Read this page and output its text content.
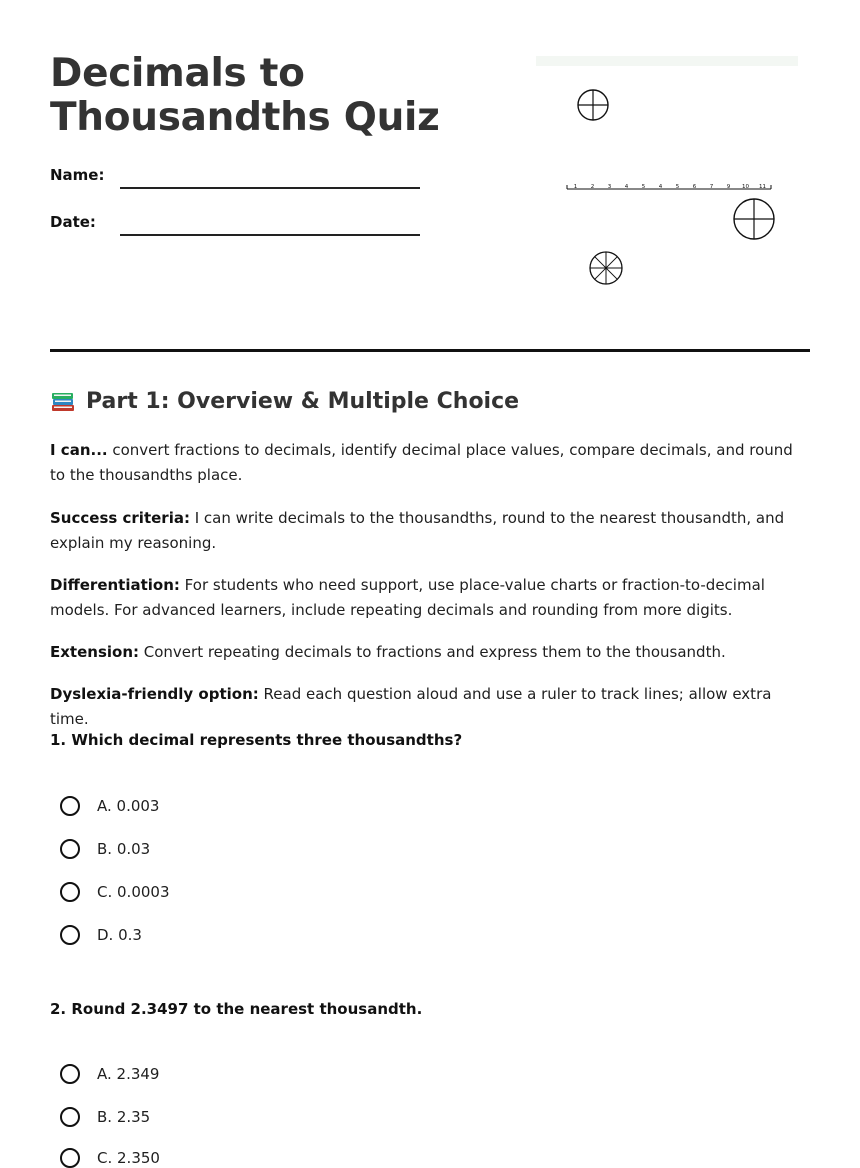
Decimals to Thousandths Quiz
Name:
Date:
1 2 3 4 5 4 5 6 7 9 10 11
Part 1: Overview & Multiple Choice
I can... convert fractions to decimals, identify decimal place values, compare decimals, and round to the thousandths place.
Success criteria: I can write decimals to the thousandths, round to the nearest thousandth, and explain my reasoning.
Differentiation: For students who need support, use place-value charts or fraction-to-decimal models. For advanced learners, include repeating decimals and rounding from more digits.
Extension: Convert repeating decimals to fractions and express them to the thousandth.
Dyslexia-friendly option: Read each question aloud and use a ruler to track lines; allow extra time.
1. Which decimal represents three thousandths?
A. 0.003
B. 0.03
C. 0.0003
D. 0.3
2. Round 2.3497 to the nearest thousandth.
A. 2.349
B. 2.35
C. 2.350
